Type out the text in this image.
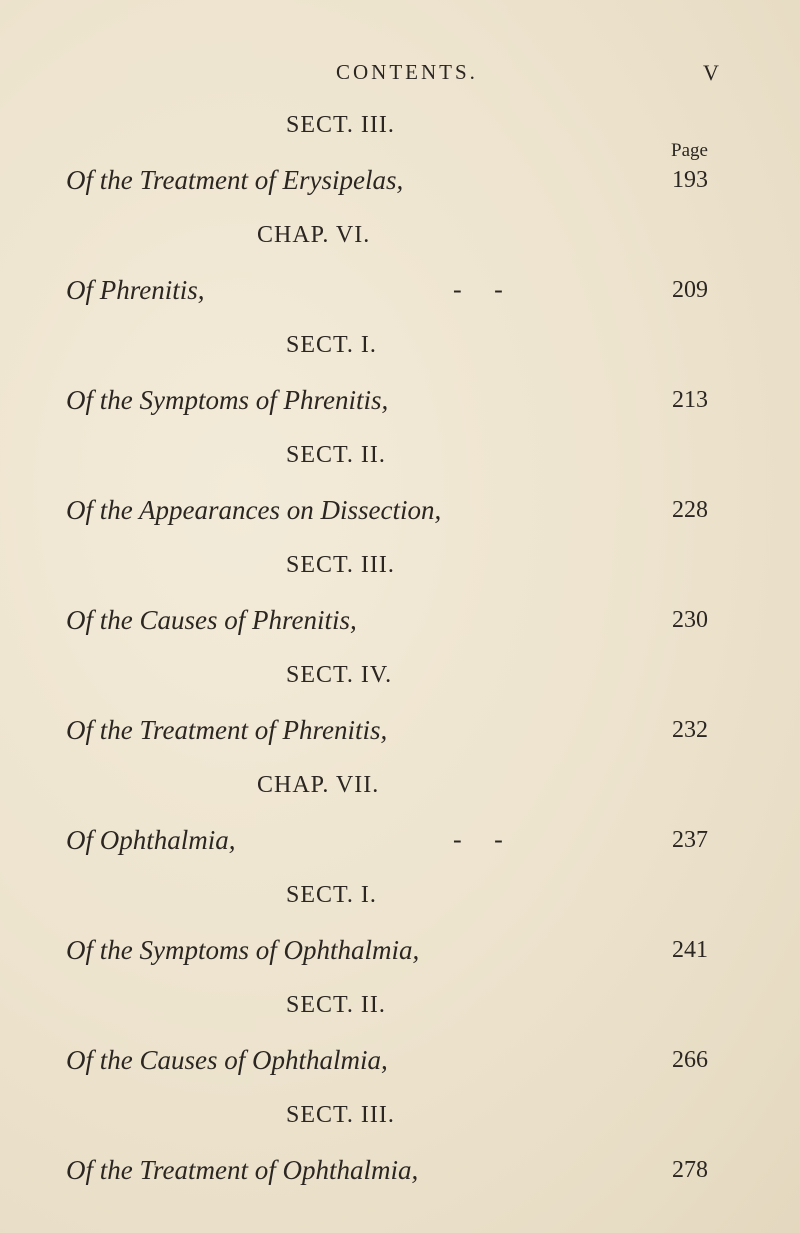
CONTENTS.	V
Page
SECT. III.
Of the Treatment of Erysipelas,	193
CHAP. VI.
Of Phrenitis,	-     -	209
SECT. I.
Of the Symptoms of Phrenitis,	213
SECT. II.
Of the Appearances on Dissection,	228
SECT. III.
Of the Causes of Phrenitis,	230
SECT. IV.
Of the Treatment of Phrenitis,	232
CHAP. VII.
Of Ophthalmia,	-     -	237
SECT. I.
Of the Symptoms of Ophthalmia,	241
SECT. II.
Of the Causes of Ophthalmia,	266
SECT. III.
Of the Treatment of Ophthalmia,	278
